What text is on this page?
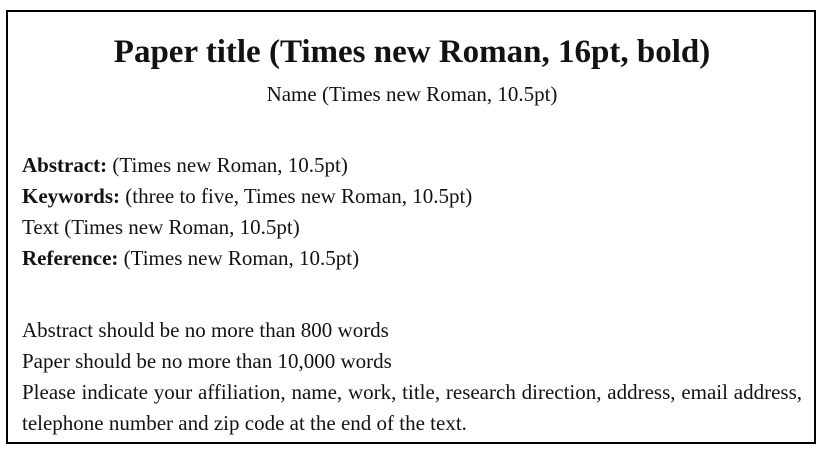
Paper title (Times new Roman, 16pt, bold)
Name (Times new Roman, 10.5pt)
Abstract: (Times new Roman, 10.5pt)
Keywords: (three to five, Times new Roman, 10.5pt)
Text (Times new Roman, 10.5pt)
Reference: (Times new Roman, 10.5pt)
Abstract should be no more than 800 words
Paper should be no more than 10,000 words

Please indicate your affiliation, name, work, title, research direction, address, email address, telephone number and zip code at the end of the text.
